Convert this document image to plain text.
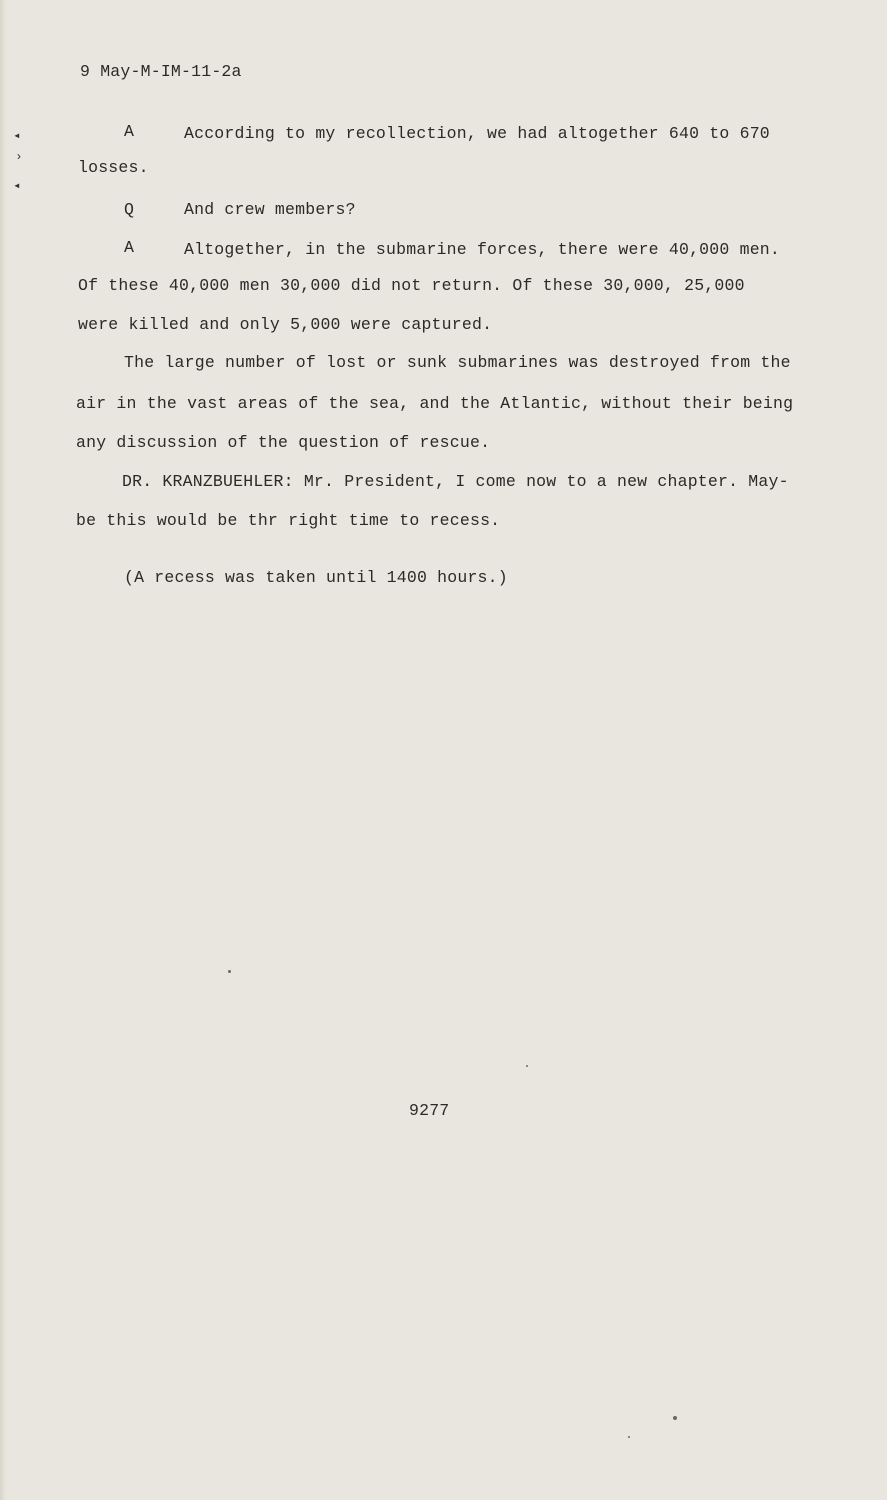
9 May-M-IM-11-2a
A	According to my recollection, we had altogether 640 to 670
losses.
Q	And crew members?
A	Altogether, in the submarine forces, there were 40,000 men.
Of these 40,000 men 30,000 did not return. Of these 30,000, 25,000
were killed and only 5,000 were captured.
The large number of lost or sunk submarines was destroyed from the
air in the vast areas of the sea, and the Atlantic, without their being
any discussion of the question of rescue.
DR. KRANZBUEHLER: Mr. President, I come now to a new chapter. May-
be this would be thr right time to recess.
(A recess was taken until 1400 hours.)
9277
◂
›
◂
